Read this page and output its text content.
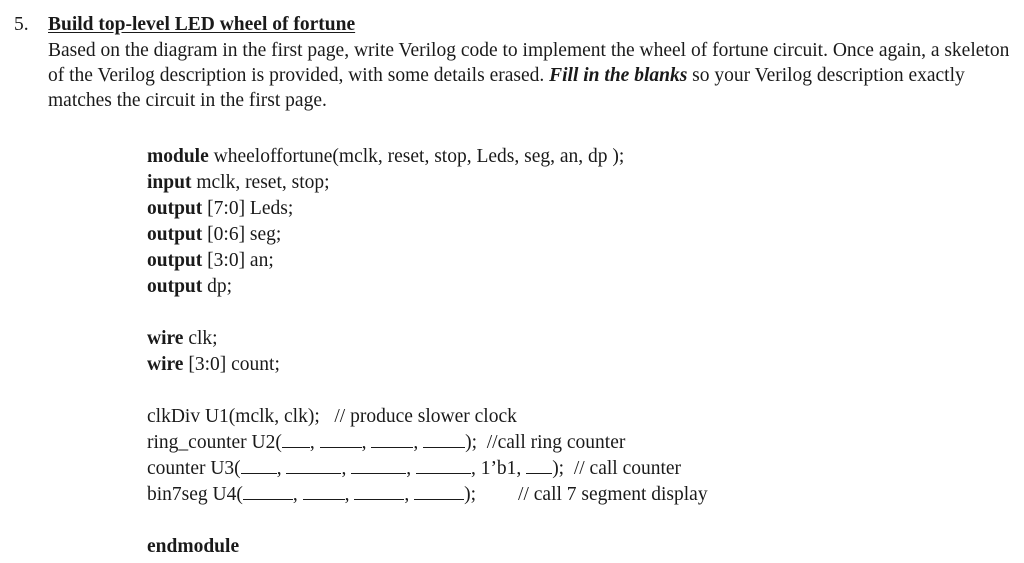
5. Build top-level LED wheel of fortune
Based on the diagram in the first page, write Verilog code to implement the wheel of fortune circuit. Once again, a skeleton of the Verilog description is provided, with some details erased. Fill in the blanks so your Verilog description exactly matches the circuit in the first page.
module wheeloffortune(mclk, reset, stop, Leds, seg, an, dp );
input mclk, reset, stop;
output [7:0] Leds;
output [0:6] seg;
output [3:0] an;
output dp;
wire clk;
wire [3:0] count;
clkDiv U1(mclk, clk);   // produce slower clock
ring_counter U2( , , , );  //call ring counter
counter U3( ,	,	,	, 1’b1, );  // call counter
bin7seg U4(	, ,	,	); // call 7 segment display
endmodule
